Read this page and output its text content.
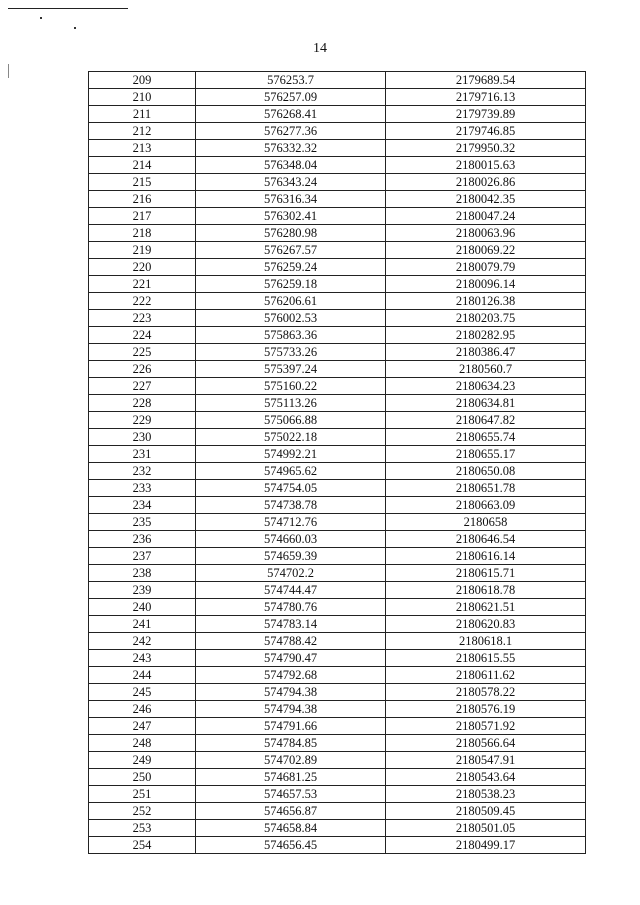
14
209	576253.7	2179689.54
210	576257.09	2179716.13
211	576268.41	2179739.89
212	576277.36	2179746.85
213	576332.32	2179950.32
214	576348.04	2180015.63
215	576343.24	2180026.86
216	576316.34	2180042.35
217	576302.41	2180047.24
218	576280.98	2180063.96
219	576267.57	2180069.22
220	576259.24	2180079.79
221	576259.18	2180096.14
222	576206.61	2180126.38
223	576002.53	2180203.75
224	575863.36	2180282.95
225	575733.26	2180386.47
226	575397.24	2180560.7
227	575160.22	2180634.23
228	575113.26	2180634.81
229	575066.88	2180647.82
230	575022.18	2180655.74
231	574992.21	2180655.17
232	574965.62	2180650.08
233	574754.05	2180651.78
234	574738.78	2180663.09
235	574712.76	2180658
236	574660.03	2180646.54
237	574659.39	2180616.14
238	574702.2	2180615.71
239	574744.47	2180618.78
240	574780.76	2180621.51
241	574783.14	2180620.83
242	574788.42	2180618.1
243	574790.47	2180615.55
244	574792.68	2180611.62
245	574794.38	2180578.22
246	574794.38	2180576.19
247	574791.66	2180571.92
248	574784.85	2180566.64
249	574702.89	2180547.91
250	574681.25	2180543.64
251	574657.53	2180538.23
252	574656.87	2180509.45
253	574658.84	2180501.05
254	574656.45	2180499.17
